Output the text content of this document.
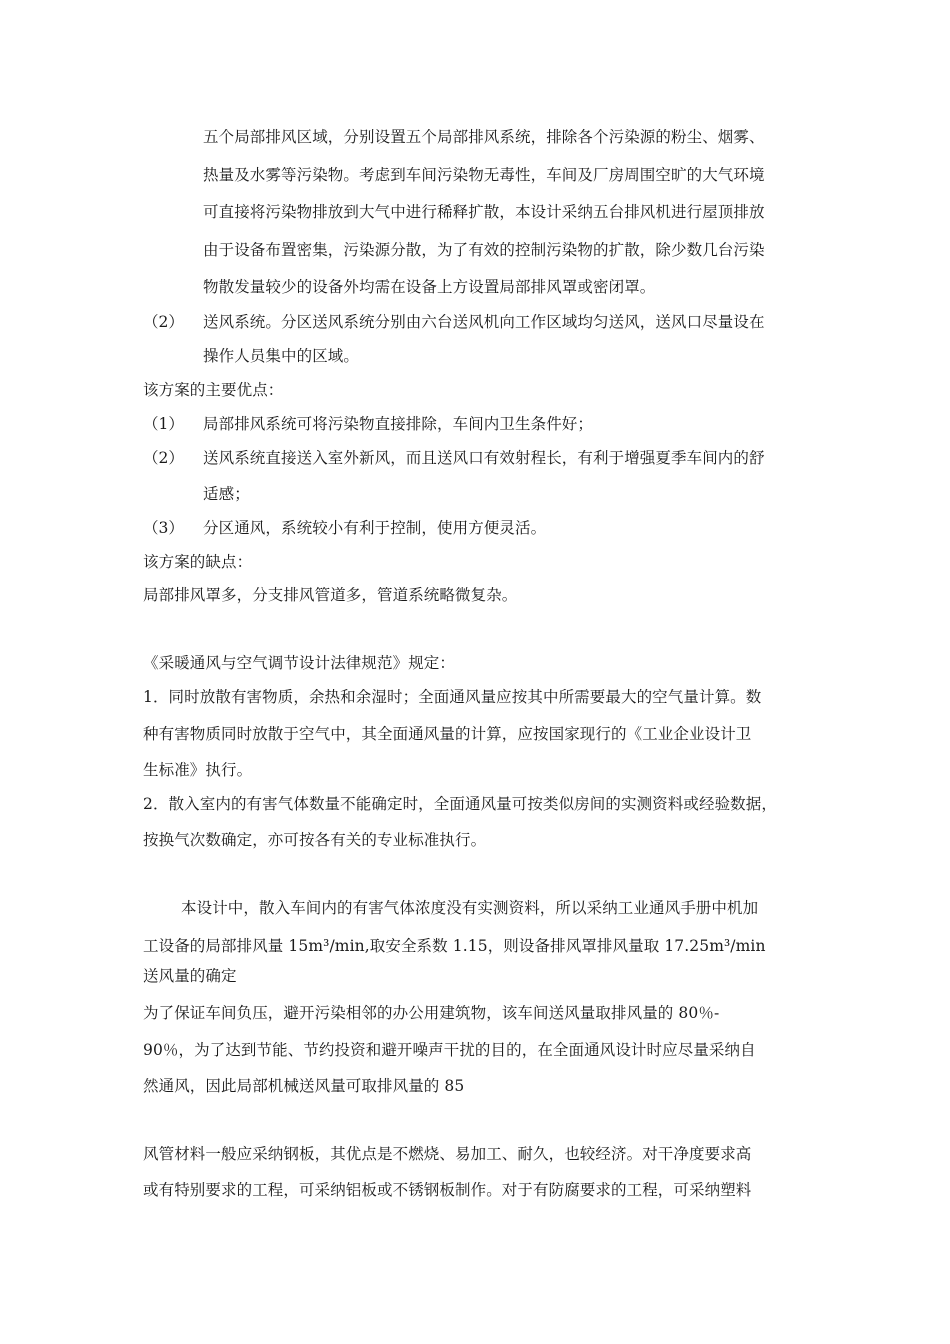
五个局部排风区域，分别设置五个局部排风系统，排除各个污染源的粉尘、烟雾、
热量及水雾等污染物。考虑到车间污染物无毒性，车间及厂房周围空旷的大气环境
可直接将污染物排放到大气中进行稀释扩散，本设计采纳五台排风机进行屋顶排放
由于设备布置密集，污染源分散，为了有效的控制污染物的扩散，除少数几台污染
物散发量较少的设备外均需在设备上方设置局部排风罩或密闭罩。
（2） 送风系统。分区送风系统分别由六台送风机向工作区域均匀送风，送风口尽量设在
操作人员集中的区域。
该方案的主要优点：
（1） 局部排风系统可将污染物直接排除，车间内卫生条件好；
（2） 送风系统直接送入室外新风，而且送风口有效射程长，有利于增强夏季车间内的舒
适感；
（3） 分区通风，系统较小有利于控制，使用方便灵活。
该方案的缺点：
局部排风罩多，分支排风管道多，管道系统略微复杂。
《采暖通风与空气调节设计法律规范》规定：
1．同时放散有害物质，余热和余湿时；全面通风量应按其中所需要最大的空气量计算。数
种有害物质同时放散于空气中，其全面通风量的计算，应按国家现行的《工业企业设计卫
生标准》执行。
2．散入室内的有害气体数量不能确定时，全面通风量可按类似房间的实测资料或经验数据，
按换气次数确定，亦可按各有关的专业标准执行。
本设计中，散入车间内的有害气体浓度没有实测资料，所以采纳工业通风手册中机加
工设备的局部排风量 15m³/min,取安全系数 1.15，则设备排风罩排风量取 17.25m³/min
送风量的确定
为了保证车间负压，避开污染相邻的办公用建筑物，该车间送风量取排风量的 80％-
90％，为了达到节能、节约投资和避开噪声干扰的目的，在全面通风设计时应尽量采纳自
然通风，因此局部机械送风量可取排风量的 85
风管材料一般应采纳钢板，其优点是不燃烧、易加工、耐久，也较经济。对干净度要求高
或有特别要求的工程，可采纳铝板或不锈钢板制作。对于有防腐要求的工程，可采纳塑料
